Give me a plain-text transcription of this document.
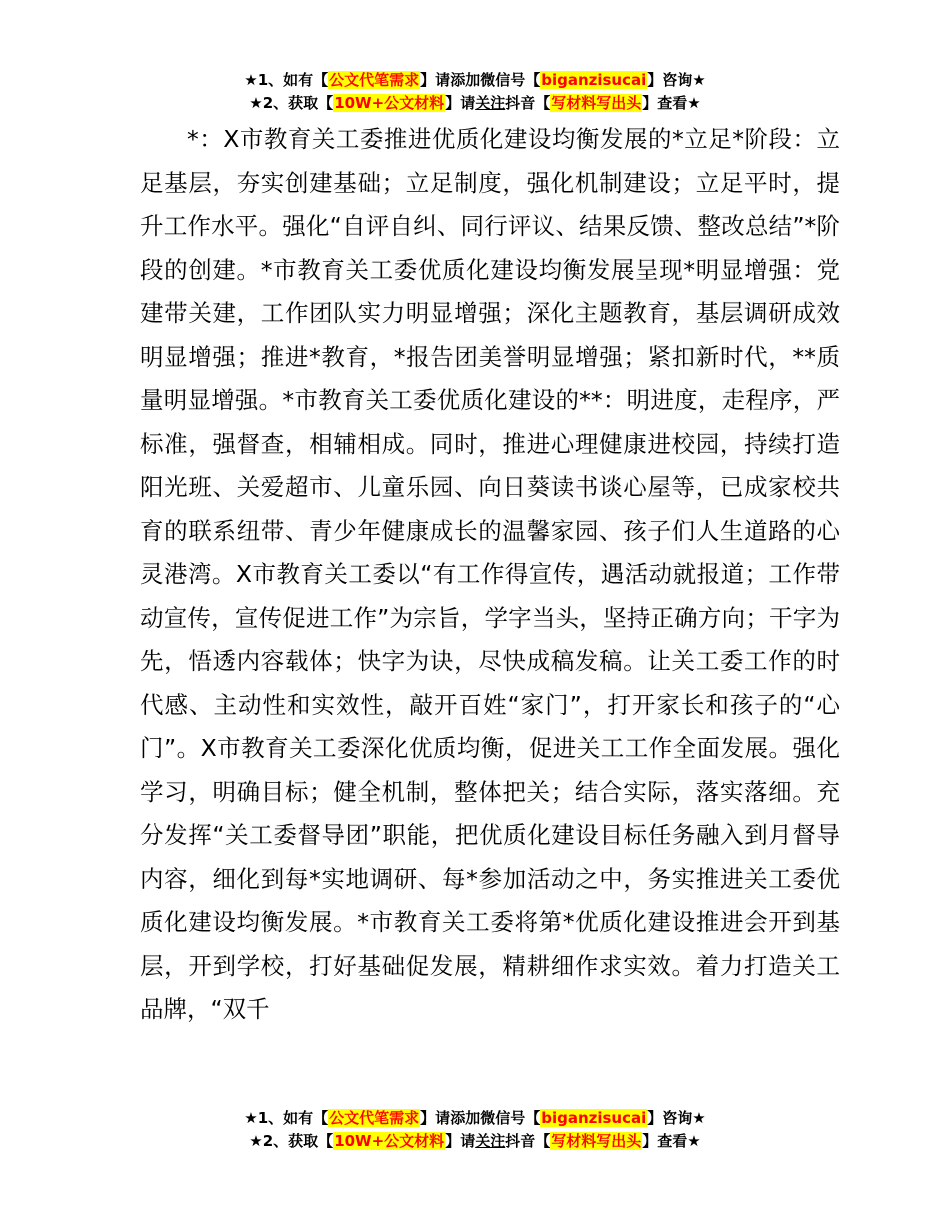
★1、如有【公文代笔需求】请添加微信号【biganzisucai】咨询★
★2、获取【10W+公文材料】请关注抖音【写材料写出头】查看★

*：X市教育关工委推进优质化建设均衡发展的*立足*阶段：立足基层，夯实创建基础；立足制度，强化机制建设；立足平时，提升工作水平。强化“自评自纠、同行评议、结果反馈、整改总结”*阶段的创建。*市教育关工委优质化建设均衡发展呈现*明显增强：党建带关建，工作团队实力明显增强；深化主题教育，基层调研成效明显增强；推进*教育，*报告团美誉明显增强；紧扣新时代，**质量明显增强。*市教育关工委优质化建设的**：明进度，走程序，严标准，强督查，相辅相成。同时，推进心理健康进校园，持续打造阳光班、关爱超市、儿童乐园、向日葵读书谈心屋等，已成家校共育的联系纽带、青少年健康成长的温馨家园、孩子们人生道路的心灵港湾。X市教育关工委以“有工作得宣传，遇活动就报道；工作带动宣传，宣传促进工作”为宗旨，学字当头，坚持正确方向；干字为先，悟透内容载体；快字为诀，尽快成稿发稿。让关工委工作的时代感、主动性和实效性，敲开百姓“家门”，打开家长和孩子的“心门”。X市教育关工委深化优质均衡，促进关工工作全面发展。强化学习，明确目标；健全机制，整体把关；结合实际，落实落细。充分发挥“关工委督导团”职能，把优质化建设目标任务融入到月督导内容，细化到每*实地调研、每*参加活动之中，务实推进关工委优质化建设均衡发展。*市教育关工委将第*优质化建设推进会开到基层，开到学校，打好基础促发展，精耕细作求实效。着力打造关工品牌，“双千

★1、如有【公文代笔需求】请添加微信号【biganzisucai】咨询★
★2、获取【10W+公文材料】请关注抖音【写材料写出头】查看★
